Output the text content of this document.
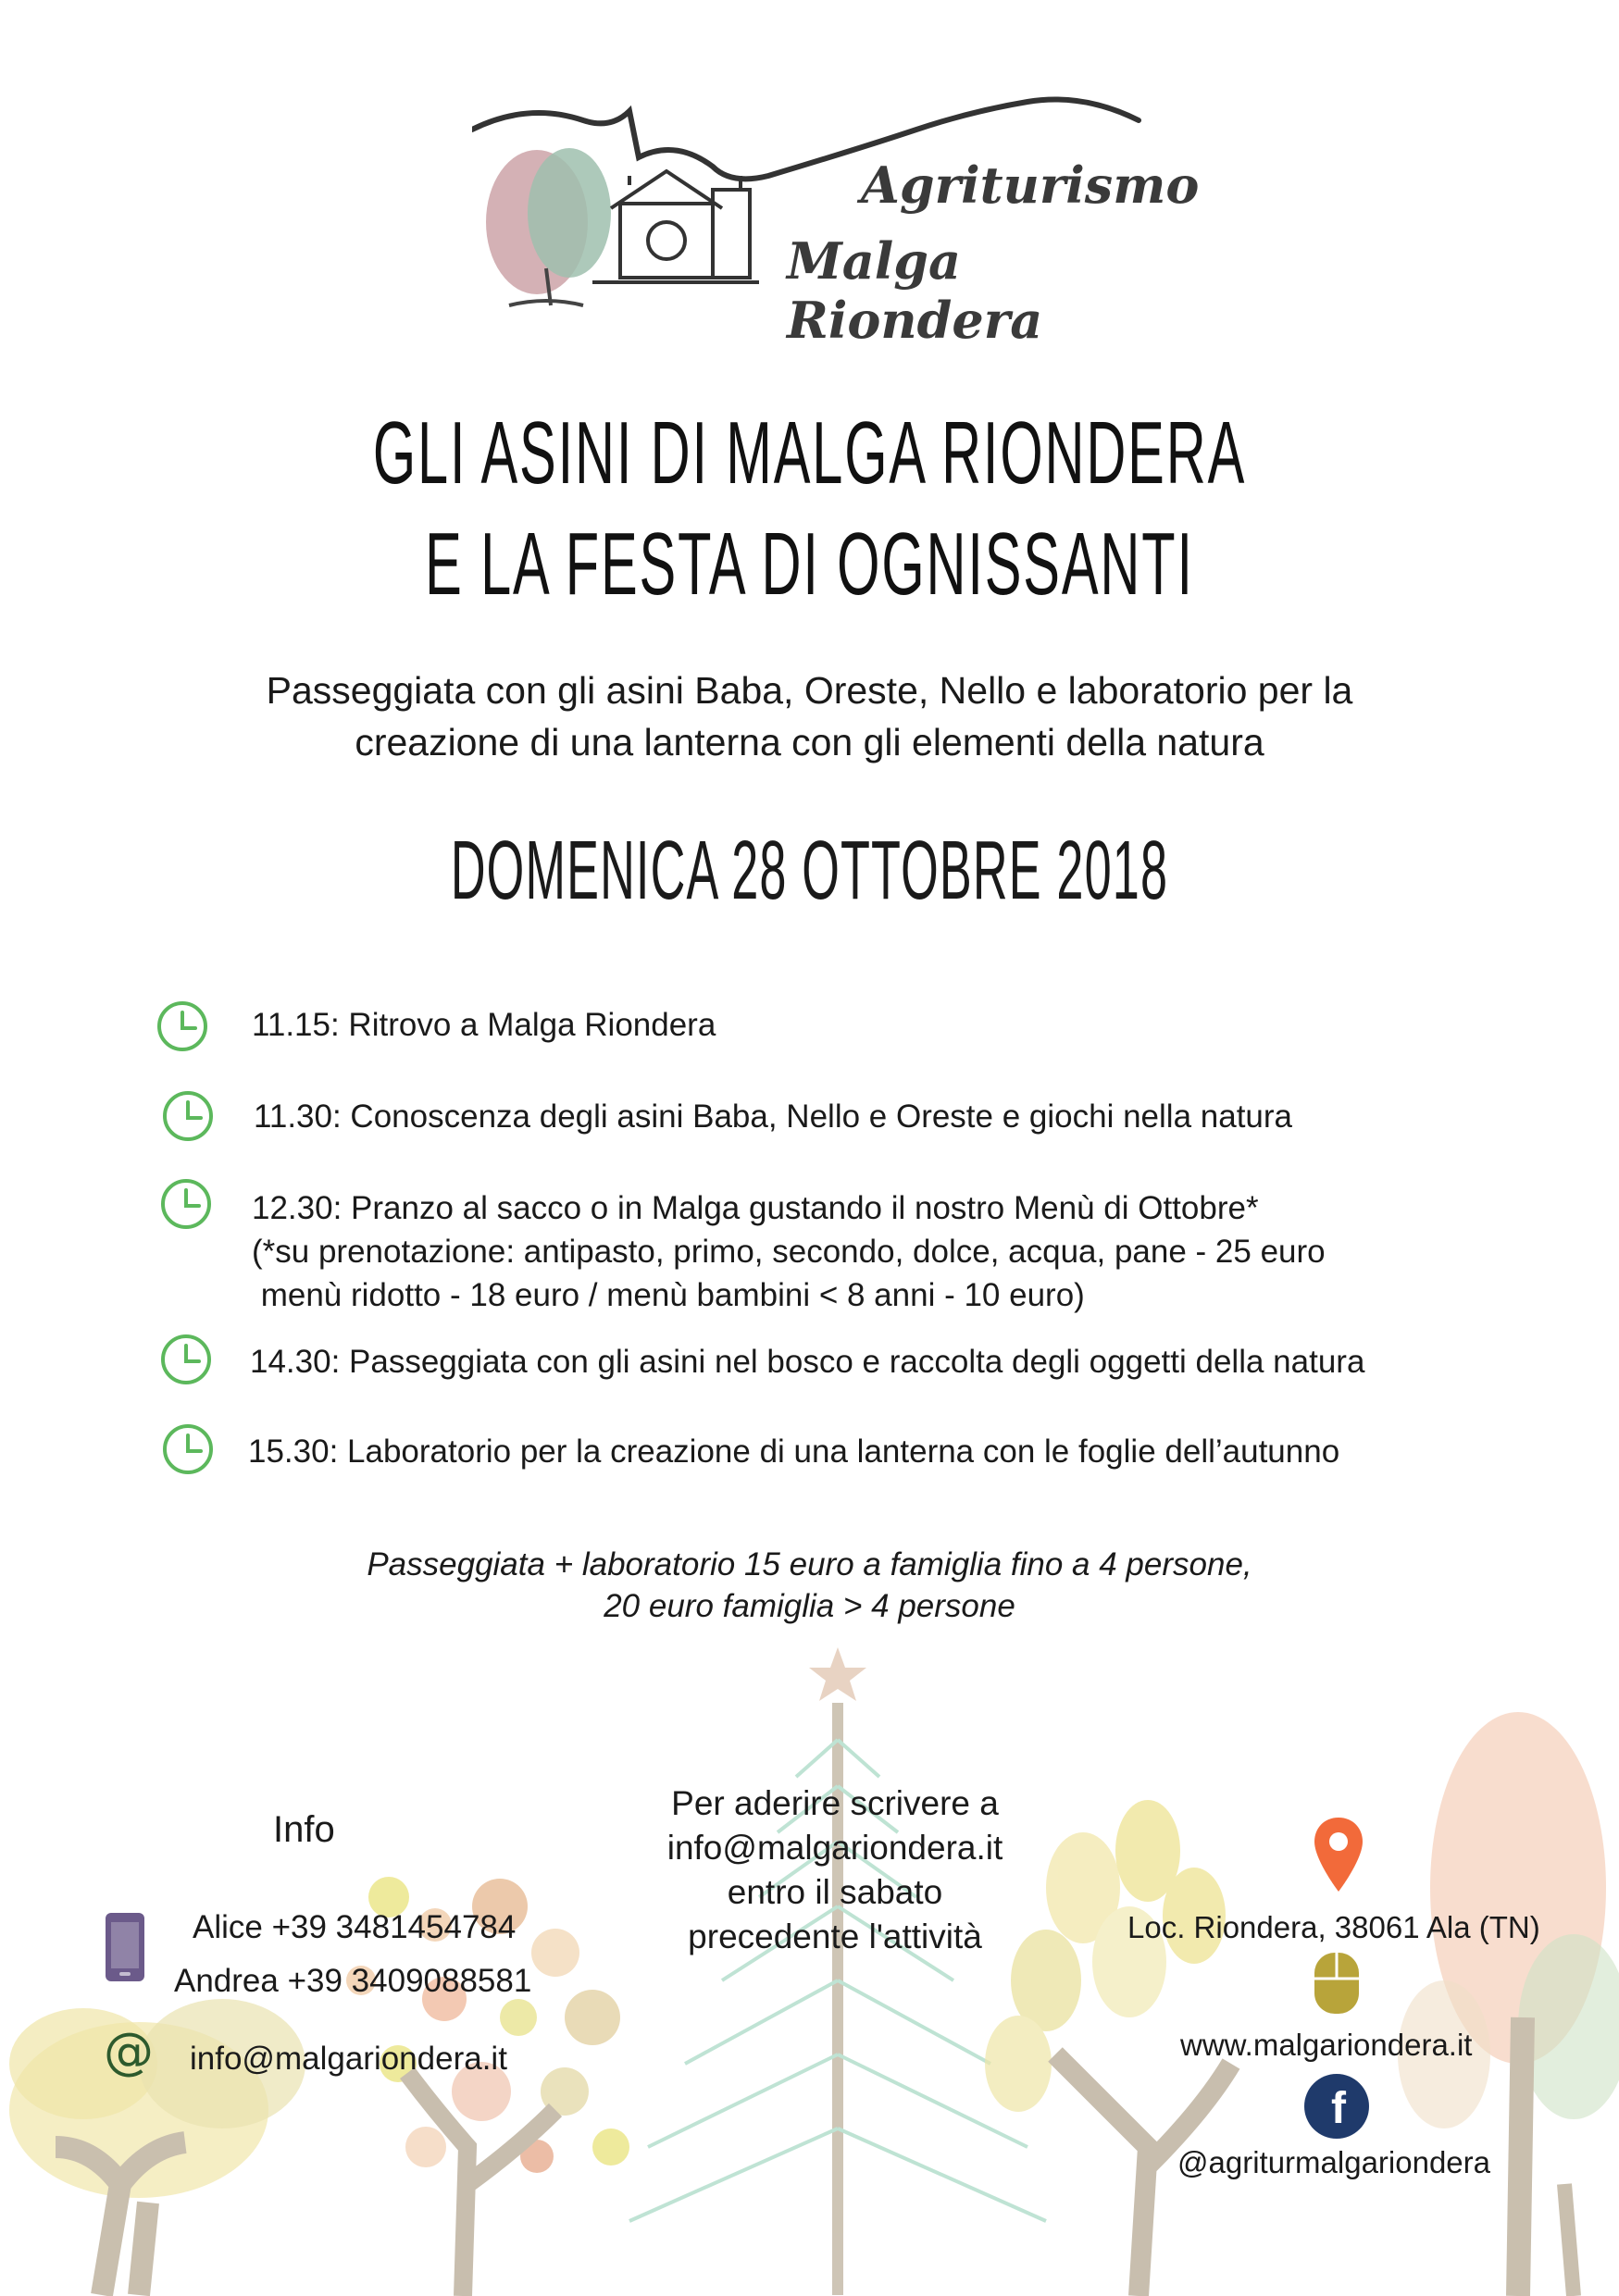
Agriturismo
Malga Riondera
GLI ASINI DI MALGA RIONDERA
E LA FESTA DI OGNISSANTI
Passeggiata con gli asini Baba, Oreste, Nello e laboratorio per la
creazione di una lanterna con gli elementi della natura
DOMENICA 28 OTTOBRE 2018
11.15: Ritrovo a Malga Riondera
11.30: Conoscenza degli asini Baba, Nello e Oreste e giochi nella natura
12.30: Pranzo al sacco o in Malga gustando il nostro Menù di Ottobre*
(*su prenotazione: antipasto, primo, secondo, dolce, acqua, pane - 25 euro
menù ridotto - 18 euro / menù bambini < 8 anni - 10 euro)
14.30: Passeggiata con gli asini nel bosco e raccolta degli oggetti della natura
15.30: Laboratorio per la creazione di una lanterna con le foglie dell’autunno
Passeggiata + laboratorio 15 euro a famiglia fino a 4 persone,
20 euro famiglia > 4 persone
Info
Alice +39 3481454784
Andrea +39 3409088581
@ info@malgariondera.it
Per aderire scrivere a
info@malgariondera.it
entro il sabato
precedente l'attività	Loc. Riondera, 38061 Ala (TN)
www.malgariondera.it
f
@agriturmalgariondera
